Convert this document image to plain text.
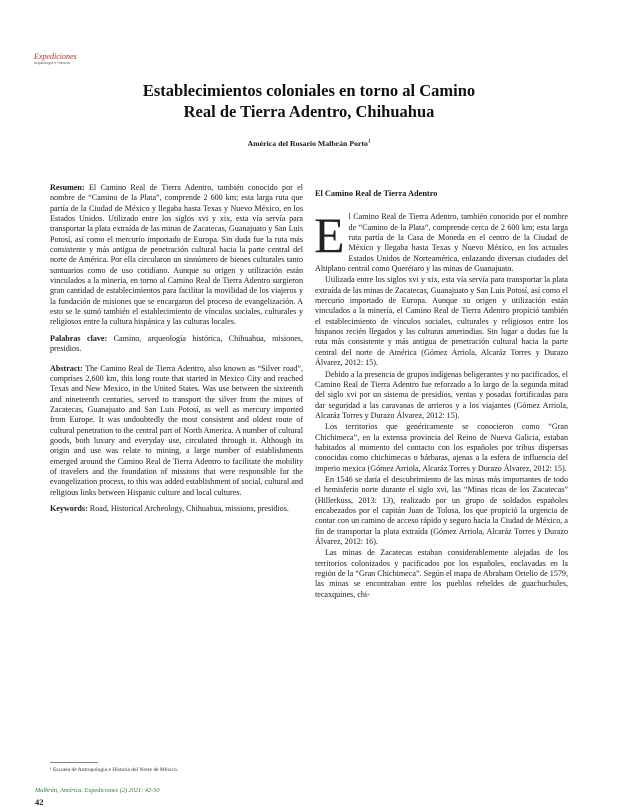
Expediciones
Arqueología e Historia
Establecimientos coloniales en torno al Camino
Real de Tierra Adentro, Chihuahua
América del Rosario Malbrán Porto$^1$

Resumen: El Camino Real de Tierra Adentro, también conocido por el nombre de “Camino de la Plata”, comprende 2 600 km; esta larga ruta que partía de la Ciudad de México y llegaba hasta Texas y Nuevo México, en los Estados Unidos. Utilizado entre los siglos xvi y xix, esta vía servía para transportar la plata extraída de las minas de Zacatecas, Guanajuato y San Luis Potosí, así como el mercurio importado de Europa. Sin duda fue la ruta más consistente y más antigua de penetración cultural hacia la parte central del norte de América. Por ella circularon un sinnúmero de bienes culturales tanto suntuarios como de uso cotidiano. Aunque su origen y utilización están vinculados a la minería, en torno al Camino Real de Tierra Adentro surgieron gran cantidad de establecimientos para facilitar la movilidad de los viajeros y la fundación de misiones que se encargaron del proceso de evangelización. A esto se le sumó también el establecimiento de vínculos sociales, culturales y religiosos entre la cultura hispánica y las culturas locales.

Palabras clave: Camino, arqueología histórica, Chihuahua, misiones, presidios.

Abstract: The Camino Real de Tierra Adentro, also known as “Silver road”, comprises 2,600 km, this long route that started in Mexico City and reached Texas and New Mexico, in the United States. Was use between the sixteenth and nineteenth centuries, served to transport the silver from the mines of Zacatecas, Guanajuato and San Luis Potosí, as well as mercury imported from Europe. It was undoubtedly the most consistent and oldest route of cultural penetration to the central part of North America. A number of cultural goods, both luxury and everyday use, circulated through it. Although its origin and use was relate to mining, a large number of establishments emerged around the Camino Real de Tierra Adentro to facilitate the mobility of travelers and the foundation of missions that were responsible for the evangelization process, to this was added establishment of social, cultural and religious links between Hispanic culture and local cultures.

Keywords: Road, Historical Archeology, Chihuahua, missions, presidios.

El Camino Real de Tierra Adentro

El Camino Real de Tierra Adentro, también conocido por el nombre de “Camino de la Plata”, comprende cerca de 2 600 km; esta larga ruta partía de la Casa de Moneda en el centro de la Ciudad de México y llegaba hasta Texas y Nuevo México, en los actuales Estados Unidos de Norteamérica, enlazando diversas ciudades del Altiplano central como Querétaro y las minas de Guanajuato.

Utilizada entre los siglos xvi y xix, esta vía servía para transportar la plata extraída de las minas de Zacatecas, Guanajuato y San Luis Potosí, así como el mercurio importado de Europa. Aunque su origen y utilización están vinculados a la minería, el Camino Real de Tierra Adentro propició también el establecimiento de vínculos sociales, culturales y religiosos entre los hispanos recién llegados y las culturas amerindias. Sin lugar a dudas fue la ruta más consistente y más antigua de penetración cultural hacia la parte central del norte de América (Gómez Arriola, Alcaráz Torres y Durazo Álvarez, 2012: 15).

Debido a la presencia de grupos indígenas beligerantes y no pacificados, el Camino Real de Tierra Adentro fue reforzado a lo largo de la segunda mitad del siglo xvi por un sistema de presidios, ventas y posadas fortificadas para dar seguridad a las caravanas de arrieros y a los viajantes (Gómez Arriola, Alcaráz Torres y Durazo Álvarez, 2012: 15).

Los territorios que genéricamente se conocieron como “Gran Chichimeca”, en la extensa provincia del Reino de Nueva Galicia, estaban habitados al momento del contacto con los españoles por tribus dispersas conocidas como chichimecas o bárbaras, ajenas a la esfera de influencia del imperio mexica (Gómez Arriola, Alcaráz Torres y Durazo Álvarez, 2012: 15).

En 1546 se daría el descubrimiento de las minas más importantes de todo el hemisferio norte durante el siglo xvi, las “Minas ricas de los Zacatecas” (Hillerkuss, 2013: 13), realizado por un grupo de soldados españoles encabezados por el capitán Juan de Tolosa, los que propició la urgencia de contar con un camino de acceso rápido y seguro hacia la Ciudad de México, a fin de transportar la plata extraída (Gómez Arriola, Alcaráz Torres y Durazo Álvarez, 2012: 16).

Las minas de Zacatecas estaban considerablemente alejadas de los territorios colonizados y pacificados por los españoles, enclavadas en la región de la “Gran Chichimeca”. Según el mapa de Abraham Ortelio de 1579, las minas se encontraban entre los pueblos rebeldes de guachuchules, tecaxquines, chi-

¹ Escuela de Antropología e Historia del Norte de México.
Malbrán, América. Expediciones (2) 2021: 42-50
42
